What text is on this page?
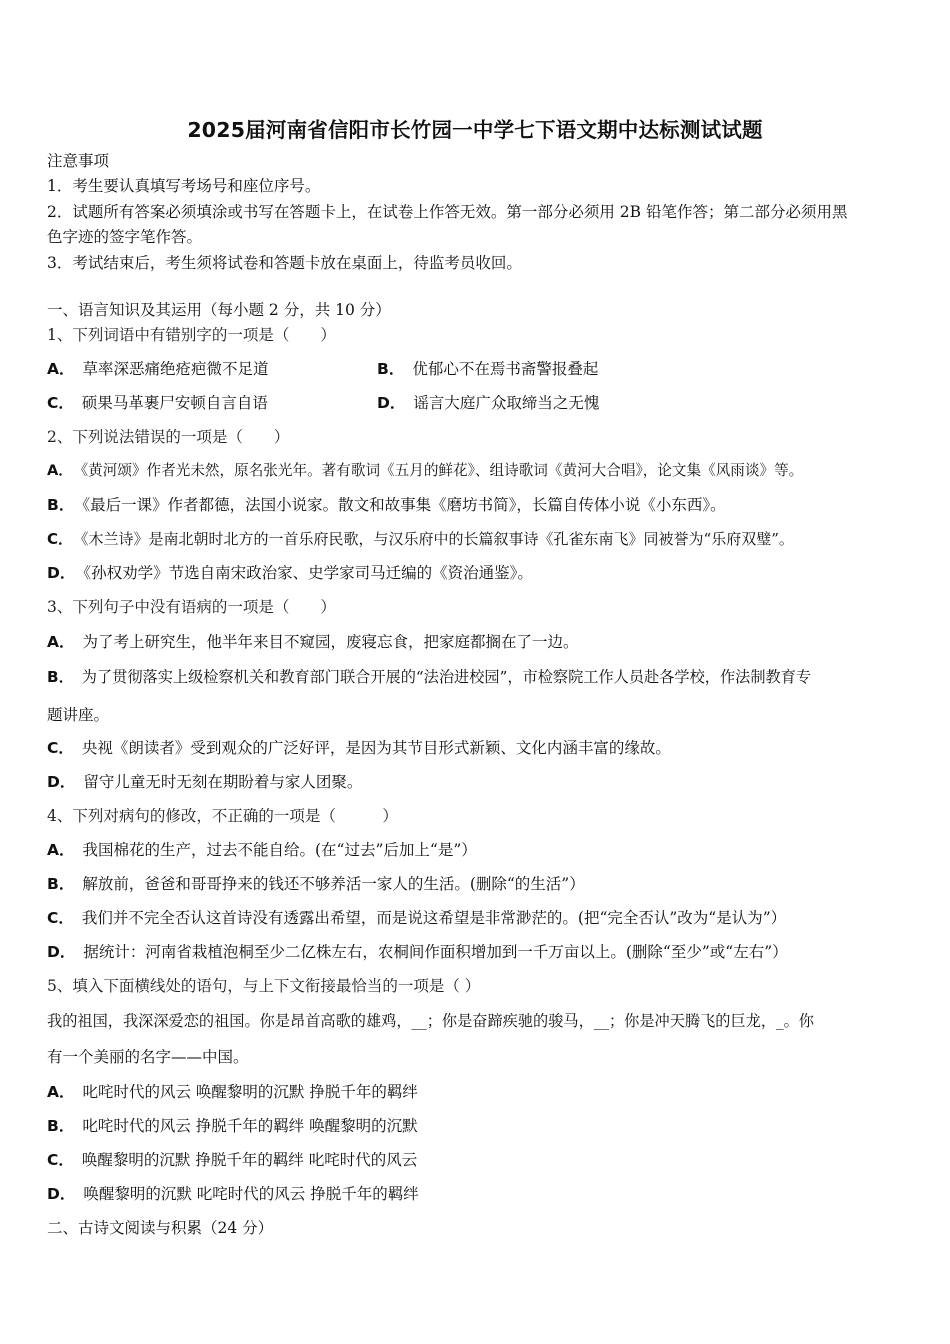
2025届河南省信阳市长竹园一中学七下语文期中达标测试试题
注意事项
1．考生要认真填写考场号和座位序号。
2．试题所有答案必须填涂或书写在答题卡上，在试卷上作答无效。第一部分必须用 2B 铅笔作答；第二部分必须用黑
色字迹的签字笔作答。
3．考试结束后，考生须将试卷和答题卡放在桌面上，待监考员收回。
一、语言知识及其运用（每小题 2 分，共 10 分）
1、下列词语中有错别字的一项是（　　）
A． 草率深恶痛绝疮疤微不足道	B． 优郁心不在焉书斋警报叠起
C． 硕果马革裹尸安顿自言自语	D． 谣言大庭广众取缔当之无愧
2、下列说法错误的一项是（　　）
A． 《黄河颂》作者光未然，原名张光年。著有歌词《五月的鲜花》、组诗歌词《黄河大合唱》，论文集《风雨谈》等。
B． 《最后一课》作者都德，法国小说家。散文和故事集《磨坊书简》，长篇自传体小说《小东西》。
C． 《木兰诗》是南北朝时北方的一首乐府民歌，与汉乐府中的长篇叙事诗《孔雀东南飞》同被誉为“乐府双璧”。
D． 《孙权劝学》节选自南宋政治家、史学家司马迁编的《资治通鉴》。
3、下列句子中没有语病的一项是（　　）
A． 为了考上研究生，他半年来目不窥园，废寝忘食，把家庭都搁在了一边。
B． 为了贯彻落实上级检察机关和教育部门联合开展的“法治进校园”，市检察院工作人员赴各学校，作法制教育专
题讲座。
C． 央视《朗读者》受到观众的广泛好评，是因为其节目形式新颖、文化内涵丰富的缘故。
D． 留守儿童无时无刻在期盼着与家人团聚。
4、下列对病句的修改，不正确的一项是（　　　）
A． 我国棉花的生产，过去不能自给。(在“过去”后加上“是”）
B． 解放前，爸爸和哥哥挣来的钱还不够养活一家人的生活。(删除“的生活”）
C． 我们并不完全否认这首诗没有透露出希望，而是说这希望是非常渺茫的。(把“完全否认”改为“是认为”）
D． 据统计：河南省栽植泡桐至少二亿株左右，农桐间作面积增加到一千万亩以上。(删除“至少”或“左右”）
5、填入下面横线处的语句，与上下文衔接最恰当的一项是（ ）
我的祖国，我深深爱恋的祖国。你是昂首高歌的雄鸡，__；你是奋蹄疾驰的骏马，__；你是冲天腾飞的巨龙，_。你
有一个美丽的名字——中国。
A． 叱咤时代的风云 唤醒黎明的沉默 挣脱千年的羁绊
B． 叱咤时代的风云 挣脱千年的羁绊 唤醒黎明的沉默
C． 唤醒黎明的沉默 挣脱千年的羁绊 叱咤时代的风云
D． 唤醒黎明的沉默 叱咤时代的风云 挣脱千年的羁绊
二、古诗文阅读与积累（24 分）
